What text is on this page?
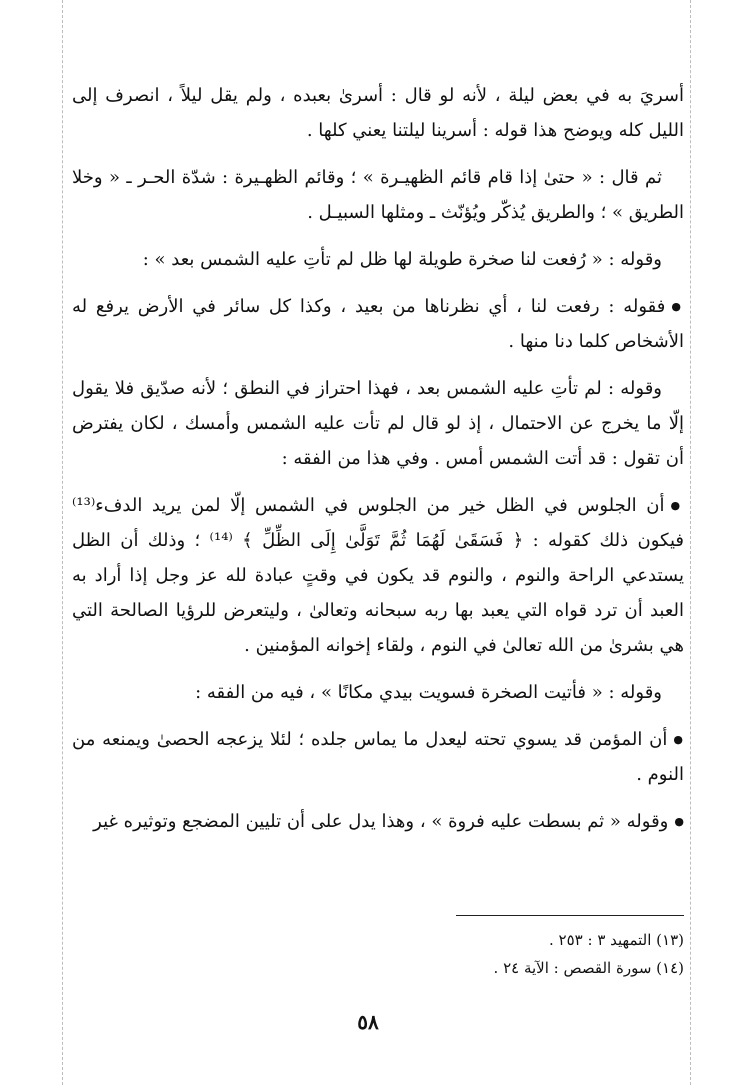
أسريَ به في بعض ليلة ، لأنه لو قال : أسرىٰ بعبده ، ولم يقل ليلاً ، انصرف إلى الليل كله ويوضح هذا قوله : أسرينا ليلتنا يعني كلها .

ثم قال : « حتىٰ إذا قام قائم الظهيـرة » ؛ وقائم الظهـيرة : شدّة الحـر ـ « وخلا الطريق » ؛ والطريق يُذكّر ويُؤنّث ـ ومثلها السبيـل .

وقوله : « رُفعت لنا صخرة طويلة لها ظل لم تأتِ عليه الشمس بعد » :

● فقوله : رفعت لنا ، أي نظرناها من بعيد ، وكذا كل سائر في الأرض يرفع له الأشخاص كلما دنا منها .

وقوله : لم تأتِ عليه الشمس بعد ، فهذا احتراز في النطق ؛ لأنه صدّيق فلا يقول إلّا ما يخرج عن الاحتمال ، إذ لو قال لم تأت عليه الشمس وأمسك ، لكان يفترض أن تقول : قد أتت الشمس أمس . وفي هذا من الفقه :

● أن الجلوس في الظل خير من الجلوس في الشمس إلّا لمن يريد الدفء⁽¹³⁾ فيكون ذلك كقوله : ﴿ فَسَقَىٰ لَهُمَا ثُمَّ تَوَلَّىٰ إِلَى الظِّلِّ ﴾ ⁽¹⁴⁾ ؛ وذلك أن الظل يستدعي الراحة والنوم ، والنوم قد يكون في وقتٍ عبادة لله عز وجل إذا أراد به العبد أن ترد قواه التي يعبد بها ربه سبحانه وتعالىٰ ، وليتعرض للرؤيا الصالحة التي هي بشرىٰ من الله تعالىٰ في النوم ، ولقاء إخوانه المؤمنين .

وقوله : « فأتيت الصخرة فسويت بيدي مكانًا » ، فيه من الفقه :

● أن المؤمن قد يسوي تحته ليعدل ما يماس جلده ؛ لئلا يزعجه الحصىٰ ويمنعه من النوم .

● وقوله « ثم بسطت عليه فروة » ، وهذا يدل على أن تليين المضجع وتوثيره غير

(١٣) التمهيد ٣ : ٢٥٣ .

(١٤) سورة القصص : الآية ٢٤ .

٥٨
